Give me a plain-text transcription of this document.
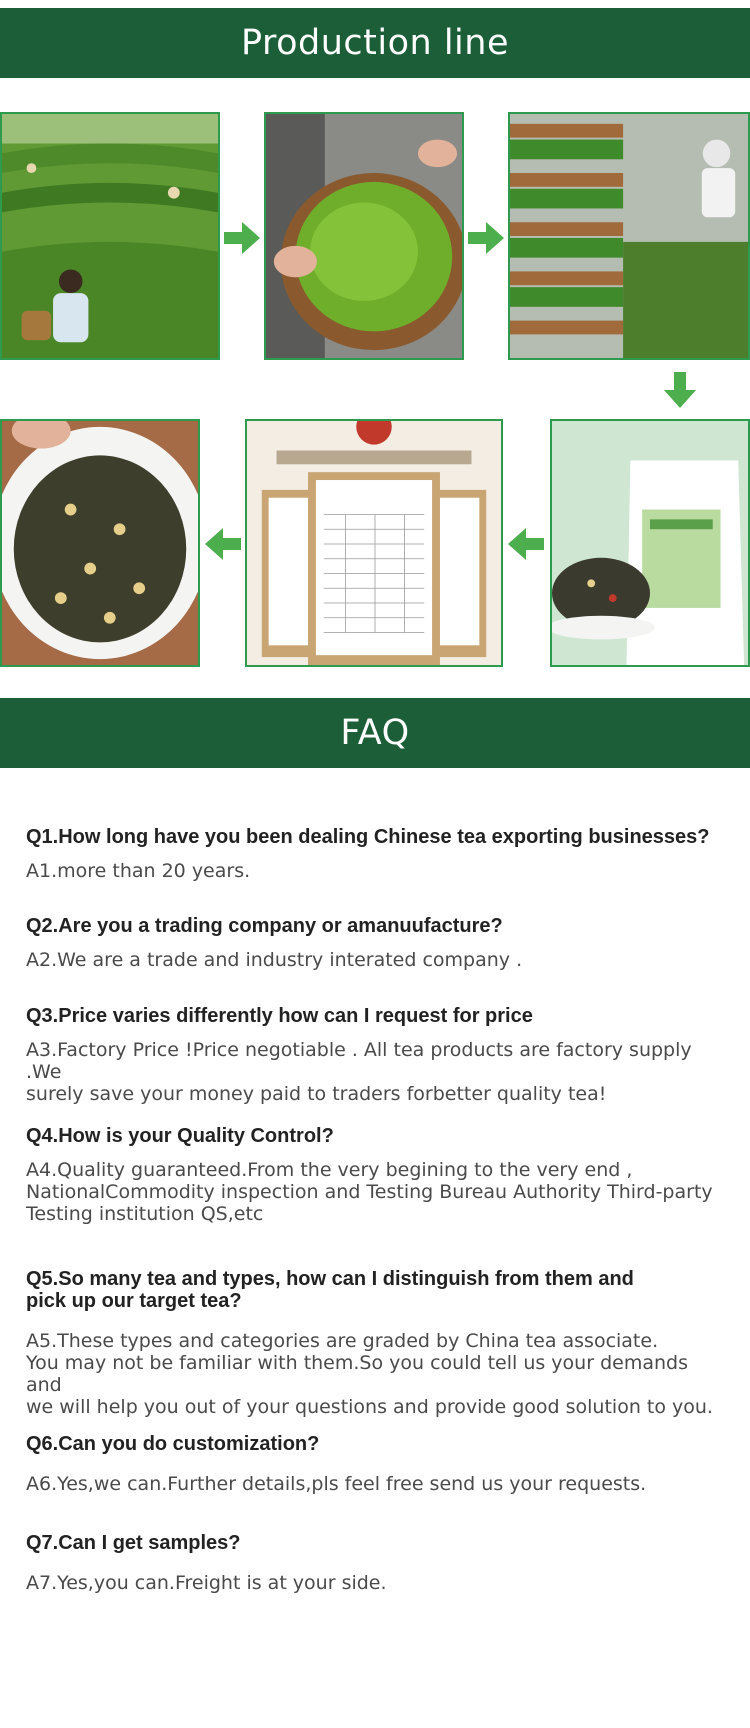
Production line
FAQ

Q1.How long have you been dealing Chinese tea exporting businesses?

A1.more than 20 years.

Q2.Are you a trading company or amanuufacture?

A2.We are a trade and industry interated company .

Q3.Price varies differently how can I request for price

A3.Factory Price !Price negotiable . All tea products are factory supply .We
surely save your money paid to traders forbetter quality tea!

Q4.How is your Quality Control?

A4.Quality guaranteed.From the very begining to the very end ,
NationalCommodity inspection and Testing Bureau Authority Third-party
Testing institution QS,etc

Q5.So many tea and types, how can I distinguish from them and
pick up our target tea?

A5.These types and categories are graded by China tea associate.
You may not be familiar with them.So you could tell us your demands and
we will help you out of your questions and provide good solution to you.

Q6.Can you do customization?

A6.Yes,we can.Further details,pls feel free send us your requests.

Q7.Can I get samples?

A7.Yes,you can.Freight is at your side.
